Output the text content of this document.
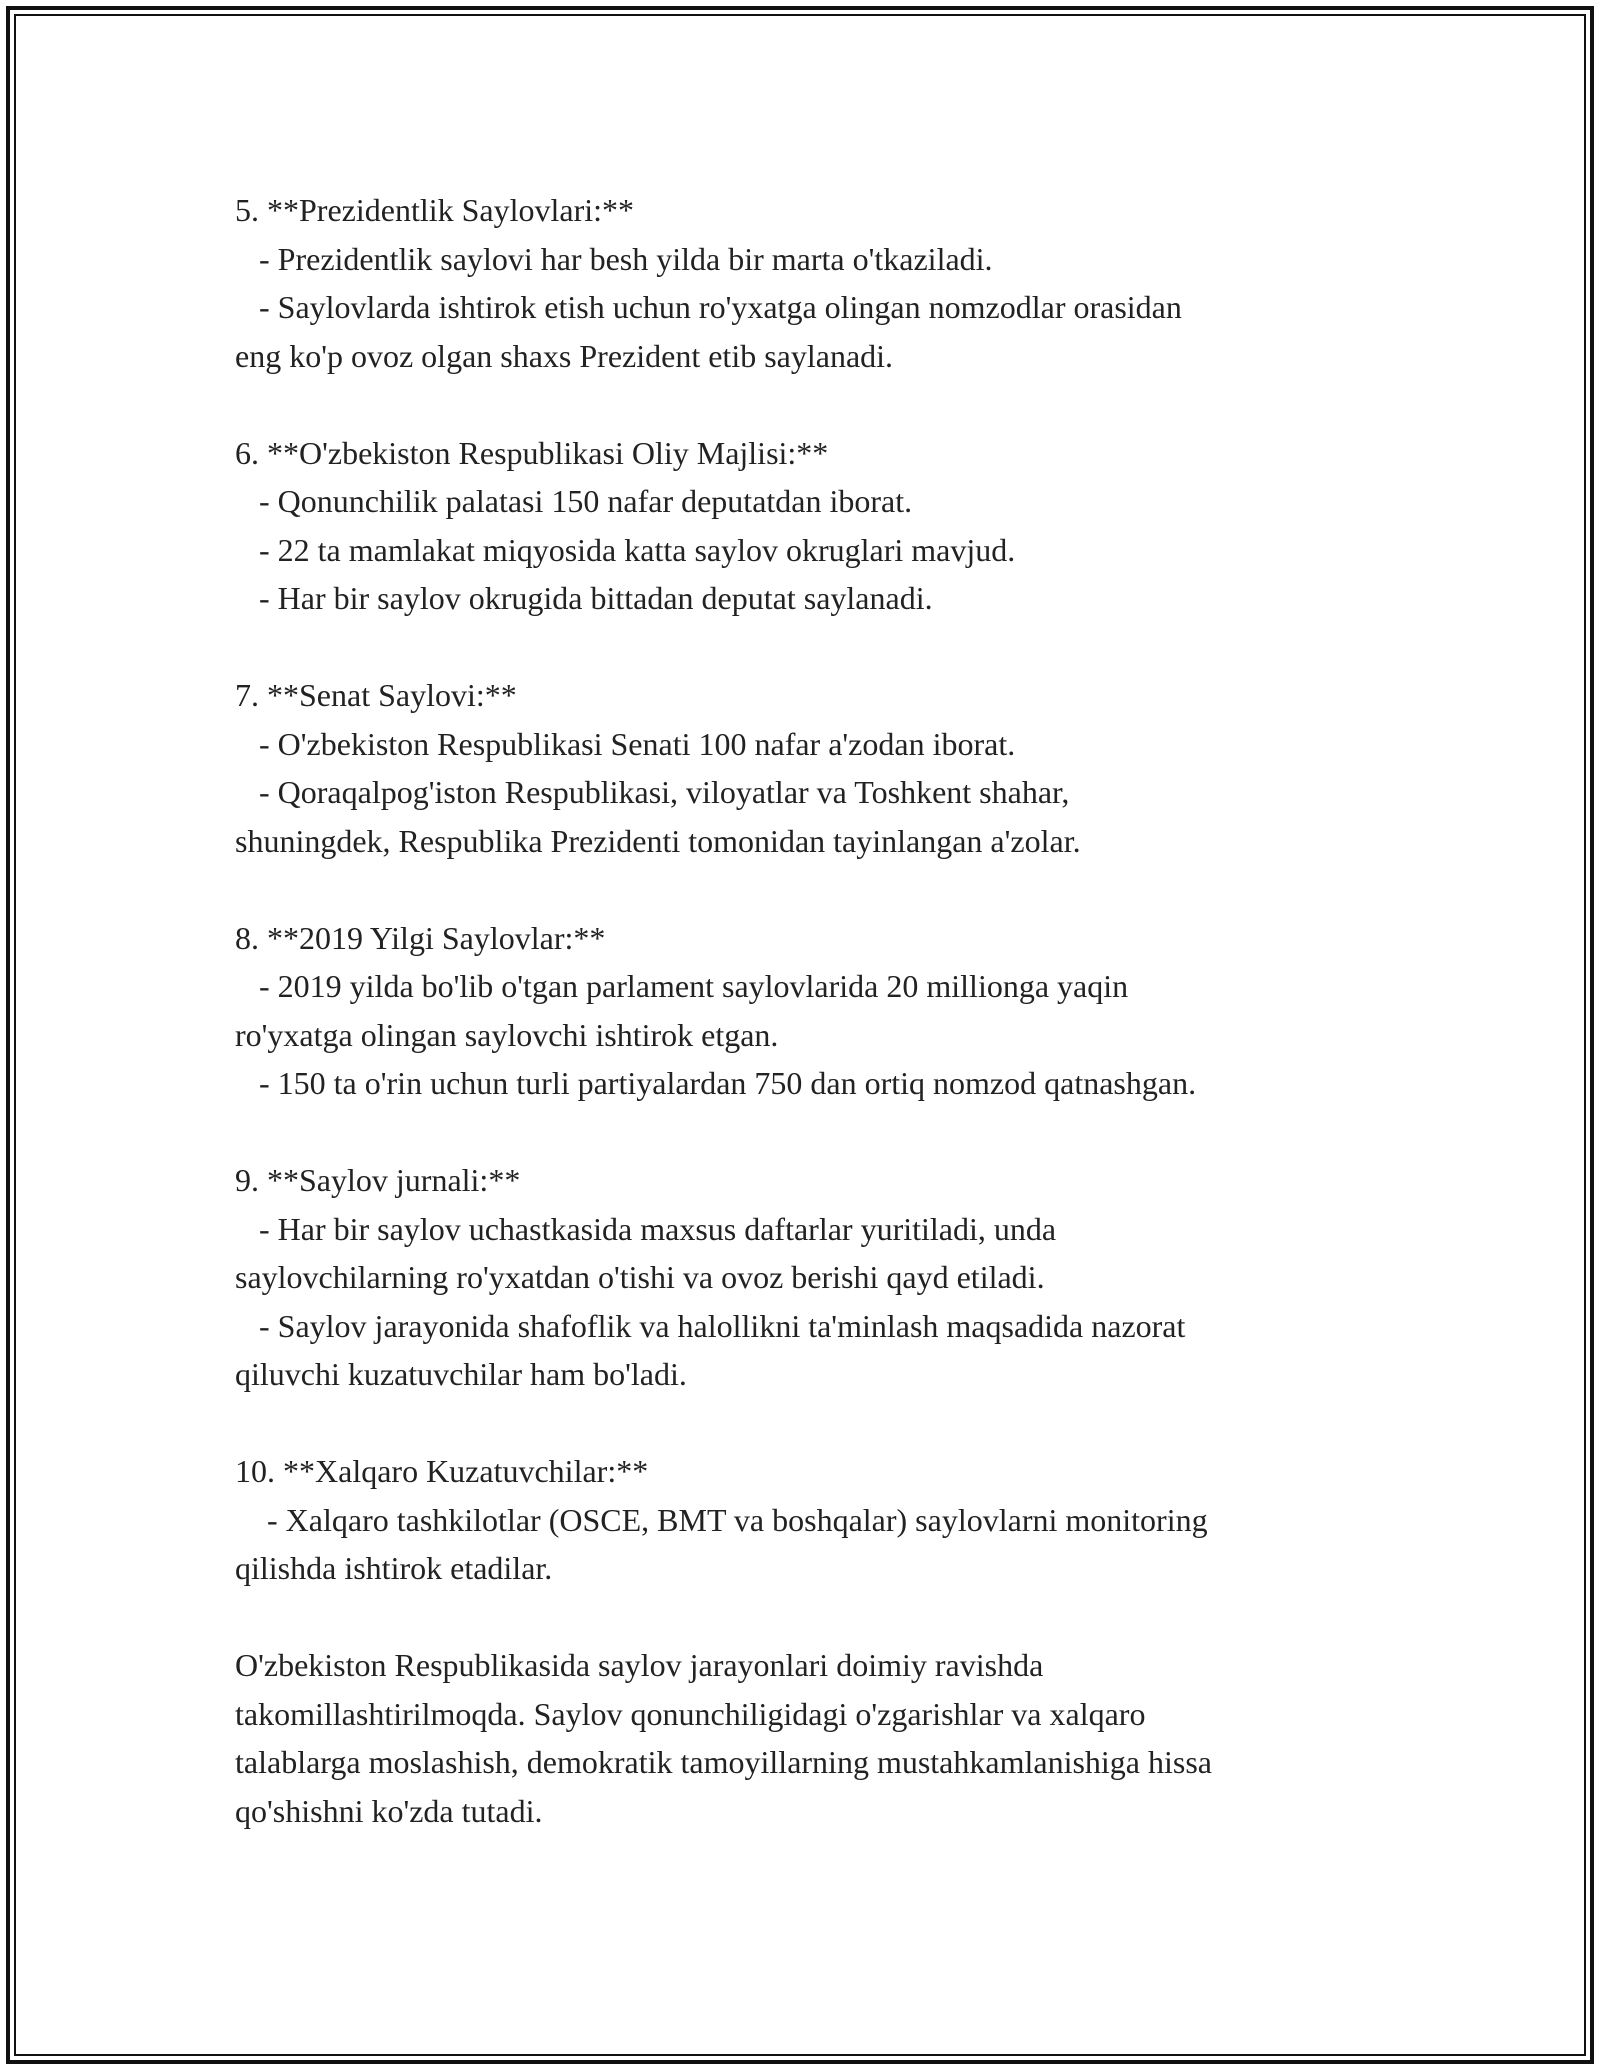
5. **Prezidentlik Saylovlari:**

- Prezidentlik saylovi har besh yilda bir marta o'tkaziladi.

- Saylovlarda ishtirok etish uchun ro'yxatga olingan nomzodlar orasidan

eng ko'p ovoz olgan shaxs Prezident etib saylanadi.

6. **O'zbekiston Respublikasi Oliy Majlisi:**

- Qonunchilik palatasi 150 nafar deputatdan iborat.

- 22 ta mamlakat miqyosida katta saylov okruglari mavjud.

- Har bir saylov okrugida bittadan deputat saylanadi.

7. **Senat Saylovi:**

- O'zbekiston Respublikasi Senati 100 nafar a'zodan iborat.

- Qoraqalpog'iston Respublikasi, viloyatlar va Toshkent shahar,

shuningdek, Respublika Prezidenti tomonidan tayinlangan a'zolar.

8. **2019 Yilgi Saylovlar:**

- 2019 yilda bo'lib o'tgan parlament saylovlarida 20 millionga yaqin

ro'yxatga olingan saylovchi ishtirok etgan.

- 150 ta o'rin uchun turli partiyalardan 750 dan ortiq nomzod qatnashgan.

9. **Saylov jurnali:**

- Har bir saylov uchastkasida maxsus daftarlar yuritiladi, unda

saylovchilarning ro'yxatdan o'tishi va ovoz berishi qayd etiladi.

- Saylov jarayonida shafoflik va halollikni ta'minlash maqsadida nazorat

qiluvchi kuzatuvchilar ham bo'ladi.

10. **Xalqaro Kuzatuvchilar:**

- Xalqaro tashkilotlar (OSCE, BMT va boshqalar) saylovlarni monitoring

qilishda ishtirok etadilar.

O'zbekiston Respublikasida saylov jarayonlari doimiy ravishda

takomillashtirilmoqda. Saylov qonunchiligidagi o'zgarishlar va xalqaro

talablarga moslashish, demokratik tamoyillarning mustahkamlanishiga hissa

qo'shishni ko'zda tutadi.
